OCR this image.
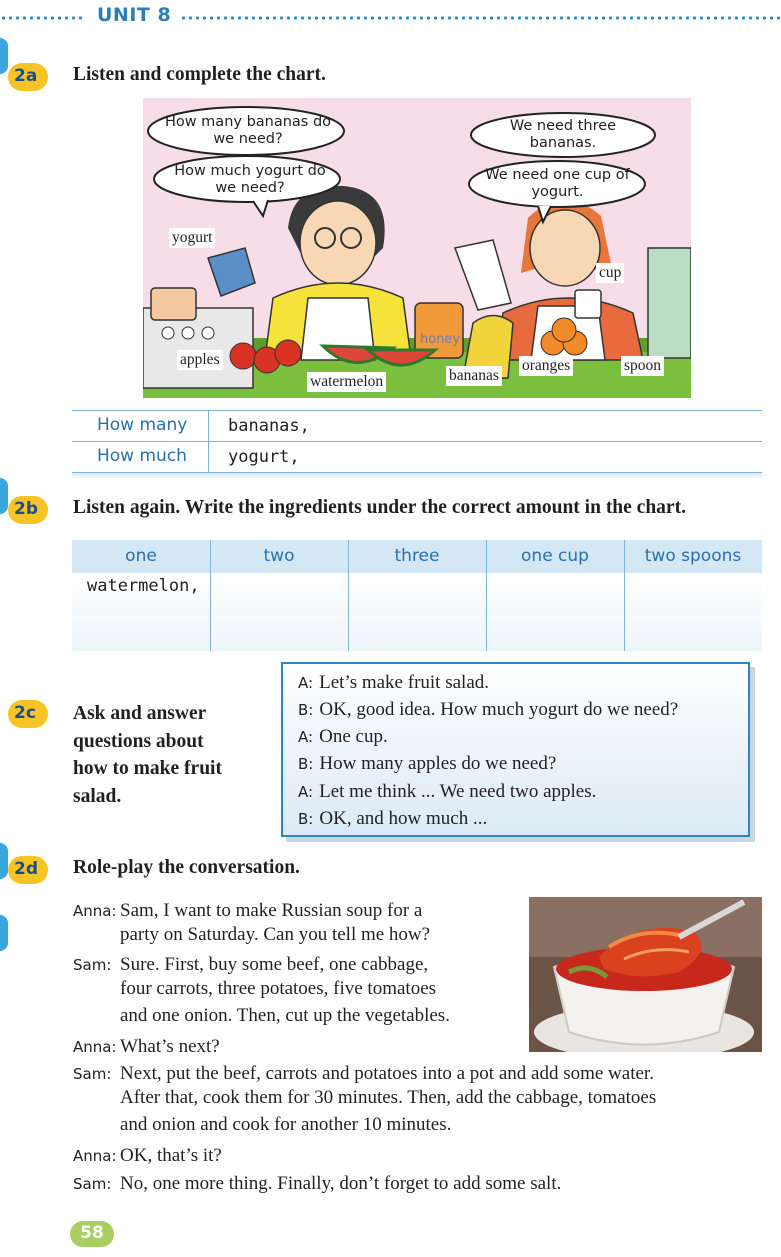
UNIT 8
2a Listen and complete the chart.
How many bananas do we need?
How much yogurt do we need?
We need three bananas.
We need one cup of yogurt.
yogurt
cup
honey
apples
watermelon	bananas
oranges	spoon
How many	bananas,
How much	yogurt,
2b Listen again. Write the ingredients under the correct amount in the chart.
one	two	three	one cup	two spoons
watermelon,
2c Ask and answer
questions about
how to make fruit
salad.
A: Let’s make fruit salad.
B: OK, good idea. How much yogurt do we need?
A: One cup.
B: How many apples do we need?
A: Let me think ... We need two apples.
B: OK, and how much ...
2d Role-play the conversation.
Anna: Sam, I want to make Russian soup for a
party on Saturday. Can you tell me how?
Sam: Sure. First, buy some beef, one cabbage,
four carrots, three potatoes, five tomatoes
and one onion. Then, cut up the vegetables.
Anna: What’s next?
Sam: Next, put the beef, carrots and potatoes into a pot and add some water.
After that, cook them for 30 minutes. Then, add the cabbage, tomatoes
and onion and cook for another 10 minutes.
Anna: OK, that’s it?
Sam: No, one more thing. Finally, don’t forget to add some salt.
58
